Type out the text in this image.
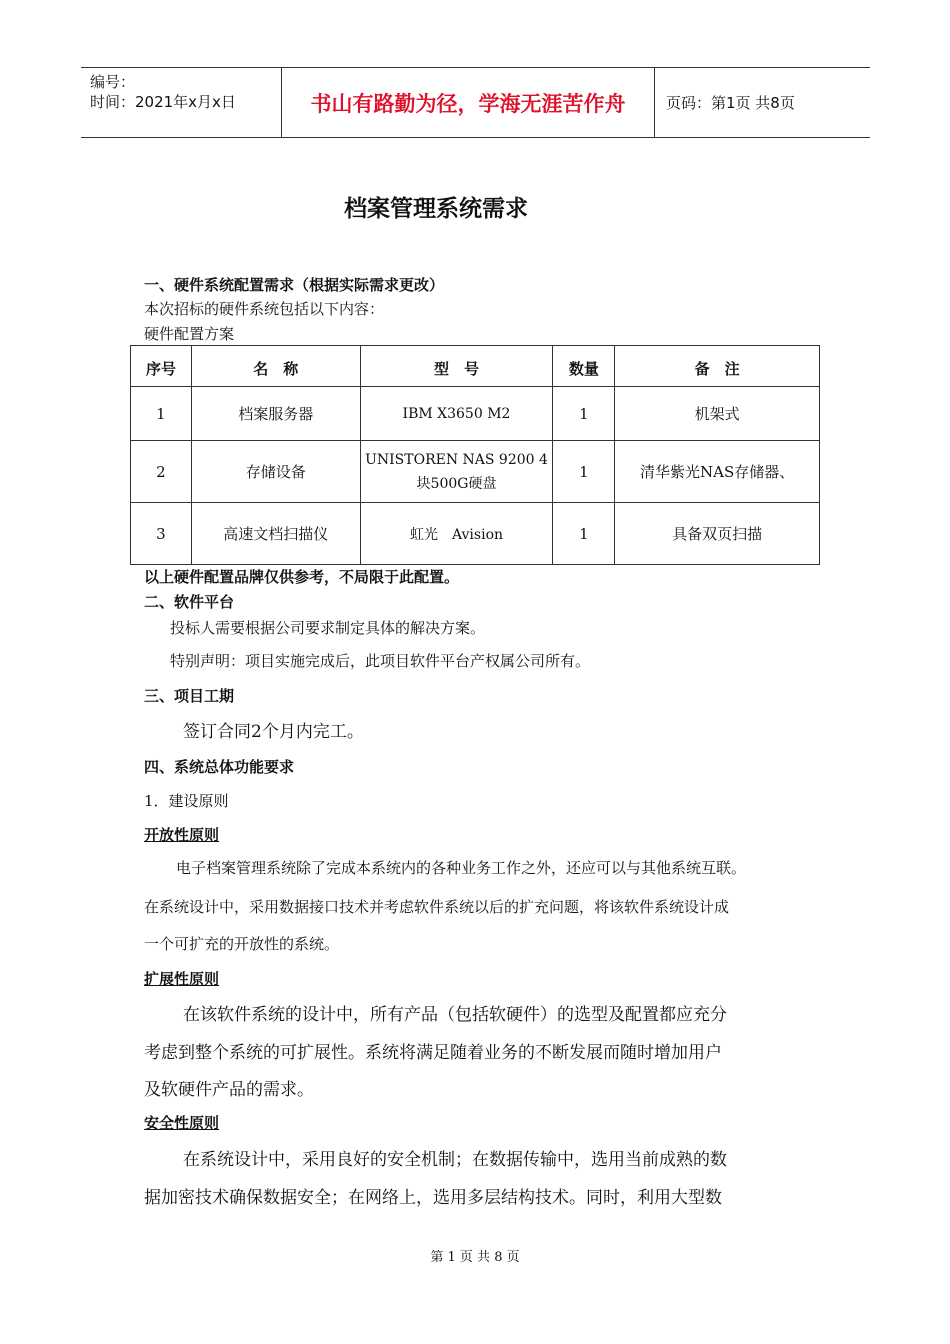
编号：
时间：2021年x月x日	书山有路勤为径，学海无涯苦作舟	页码：第1页 共8页
档案管理系统需求
一、硬件系统配置需求（根据实际需求更改）
本次招标的硬件系统包括以下内容：
硬件配置方案
序号	名　称	型　号	数量	备　注
1	档案服务器	IBM X3650 M2	1	机架式
2	存储设备	UNISTOREN NAS 9200 4块500G硬盘	1	清华紫光NAS存储器、
3	高速文档扫描仪	虹光　Avision	1	具备双页扫描
以上硬件配置品牌仅供参考，不局限于此配置。
二、软件平台
投标人需要根据公司要求制定具体的解决方案。
特别声明：项目实施完成后，此项目软件平台产权属公司所有。
三、项目工期
签订合同2个月内完工。
四、系统总体功能要求
1．建设原则
开放性原则
电子档案管理系统除了完成本系统内的各种业务工作之外，还应可以与其他系统互联。
在系统设计中，采用数据接口技术并考虑软件系统以后的扩充问题，将该软件系统设计成
一个可扩充的开放性的系统。
扩展性原则
在该软件系统的设计中，所有产品（包括软硬件）的选型及配置都应充分
考虑到整个系统的可扩展性。系统将满足随着业务的不断发展而随时增加用户
及软硬件产品的需求。
安全性原则
在系统设计中，采用良好的安全机制；在数据传输中，选用当前成熟的数
据加密技术确保数据安全；在网络上，选用多层结构技术。同时，利用大型数
第 1 页 共 8 页
